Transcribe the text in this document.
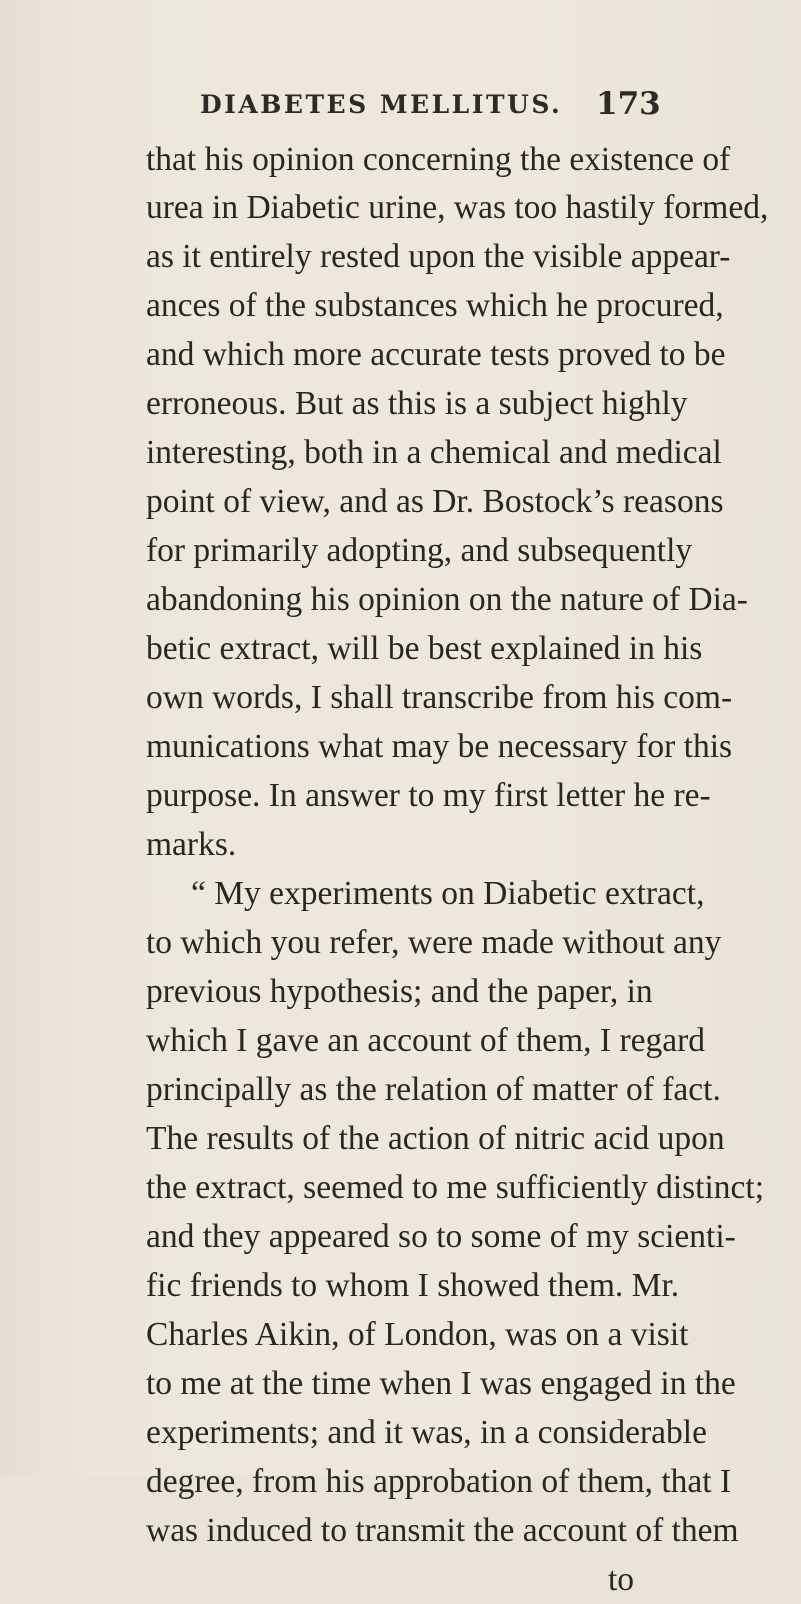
DIABETES MELLITUS. 173
that his opinion concerning the existence of
urea in Diabetic urine, was too hastily formed,
as it entirely rested upon the visible appear-
ances of the substances which he procured,
and which more accurate tests proved to be
erroneous. But as this is a subject highly
interesting, both in a chemical and medical
point of view, and as Dr. Bostock’s reasons
for primarily adopting, and subsequently
abandoning his opinion on the nature of Dia-
betic extract, will be best explained in his
own words, I shall transcribe from his com-
munications what may be necessary for this
purpose. In answer to my first letter he re-
marks.
“ My experiments on Diabetic extract,
to which you refer, were made without any
previous hypothesis; and the paper, in
which I gave an account of them, I regard
principally as the relation of matter of fact.
The results of the action of nitric acid upon
the extract, seemed to me sufficiently distinct;
and they appeared so to some of my scienti-
fic friends to whom I showed them. Mr.
Charles Aikin, of London, was on a visit
to me at the time when I was engaged in the
experiments; and it was, in a considerable
degree, from his approbation of them, that I
was induced to transmit the account of them
to
